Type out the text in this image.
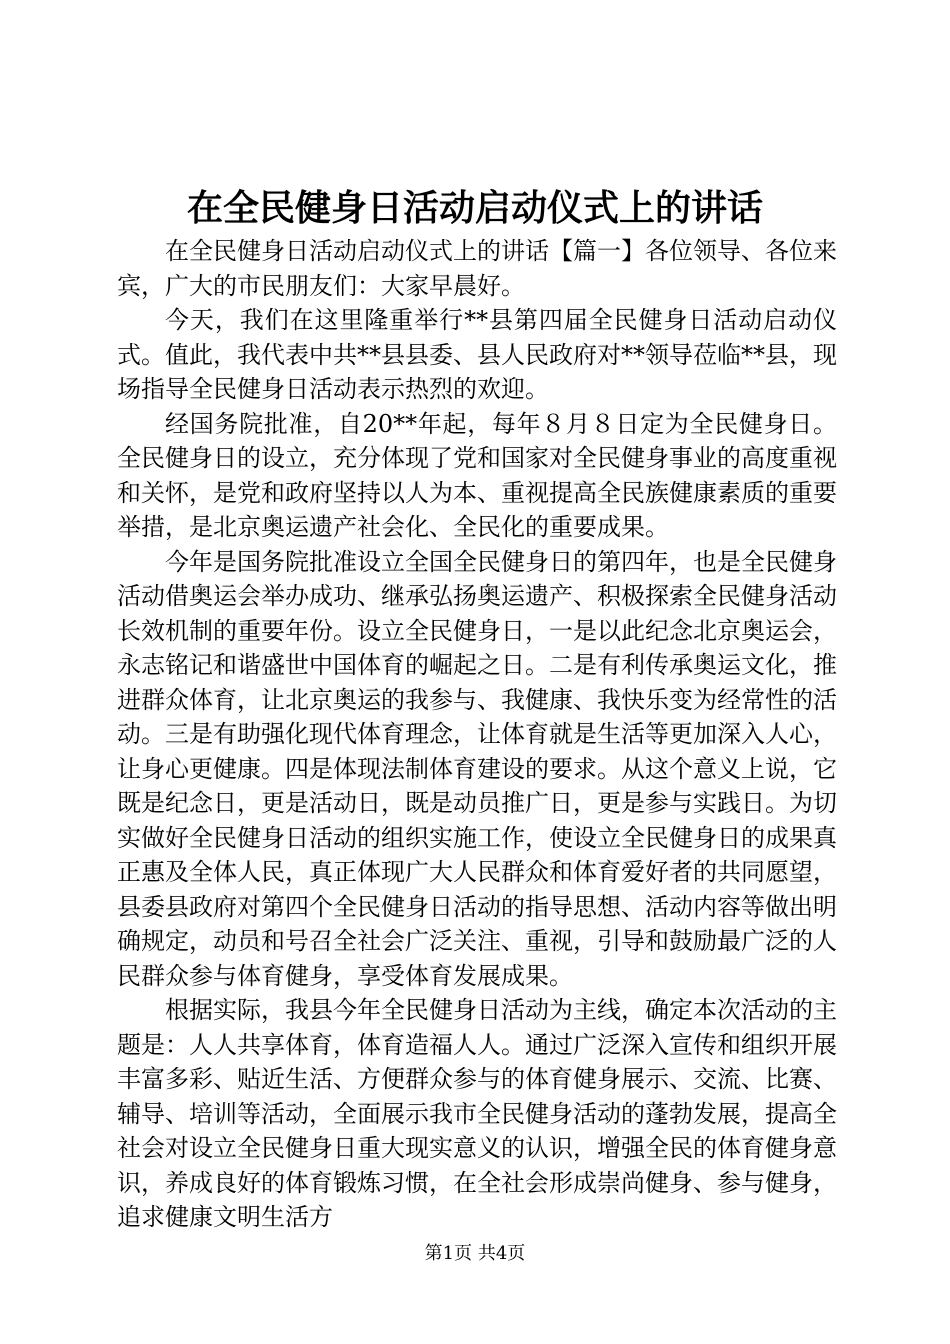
在全民健身日活动启动仪式上的讲话

在全民健身日活动启动仪式上的讲话【篇一】各位领导、各位来宾，广大的市民朋友们：大家早晨好。

今天，我们在这里隆重举行**县第四届全民健身日活动启动仪式。值此，我代表中共**县县委、县人民政府对**领导莅临**县，现场指导全民健身日活动表示热烈的欢迎。

经国务院批准，自20**年起，每年８月８日定为全民健身日。全民健身日的设立，充分体现了党和国家对全民健身事业的高度重视和关怀，是党和政府坚持以人为本、重视提高全民族健康素质的重要举措，是北京奥运遗产社会化、全民化的重要成果。

今年是国务院批准设立全国全民健身日的第四年，也是全民健身活动借奥运会举办成功、继承弘扬奥运遗产、积极探索全民健身活动长效机制的重要年份。设立全民健身日，一是以此纪念北京奥运会，永志铭记和谐盛世中国体育的崛起之日。二是有利传承奥运文化，推进群众体育，让北京奥运的我参与、我健康、我快乐变为经常性的活动。三是有助强化现代体育理念，让体育就是生活等更加深入人心，让身心更健康。四是体现法制体育建设的要求。从这个意义上说，它既是纪念日，更是活动日，既是动员推广日，更是参与实践日。为切实做好全民健身日活动的组织实施工作，使设立全民健身日的成果真正惠及全体人民，真正体现广大人民群众和体育爱好者的共同愿望，县委县政府对第四个全民健身日活动的指导思想、活动内容等做出明确规定，动员和号召全社会广泛关注、重视，引导和鼓励最广泛的人民群众参与体育健身，享受体育发展成果。

根据实际，我县今年全民健身日活动为主线，确定本次活动的主题是：人人共享体育，体育造福人人。通过广泛深入宣传和组织开展丰富多彩、贴近生活、方便群众参与的体育健身展示、交流、比赛、辅导、培训等活动，全面展示我市全民健身活动的蓬勃发展，提高全社会对设立全民健身日重大现实意义的认识，增强全民的体育健身意识，养成良好的体育锻炼习惯，在全社会形成崇尚健身、参与健身，追求健康文明生活方

第1页 共4页
